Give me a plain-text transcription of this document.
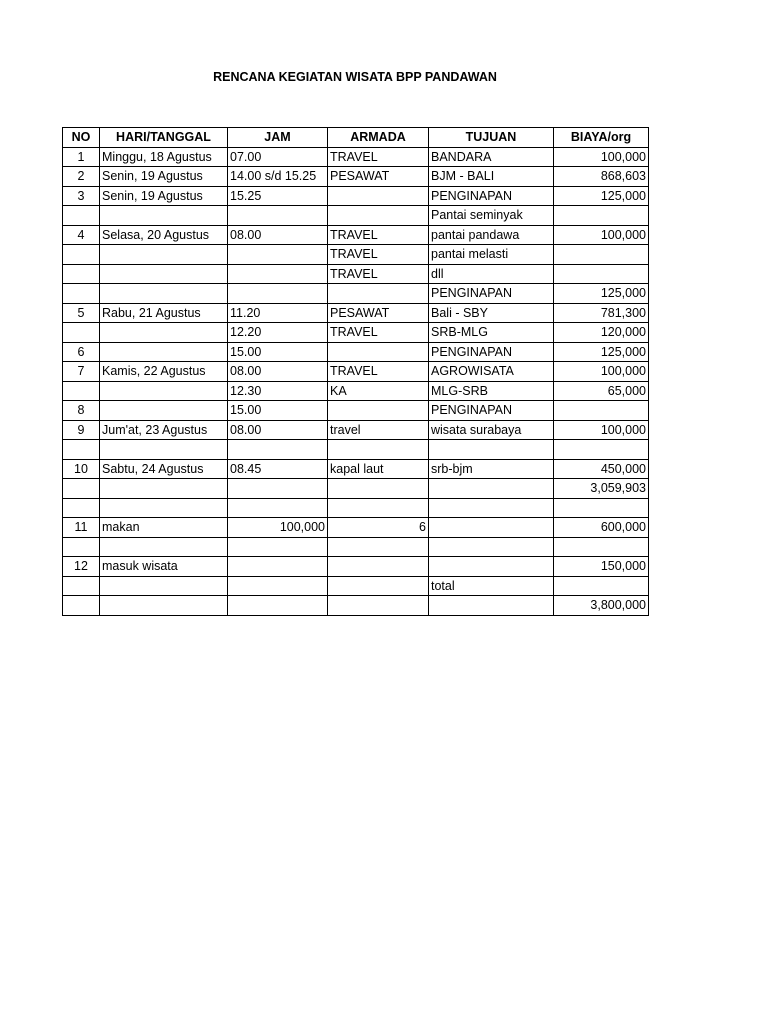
RENCANA KEGIATAN WISATA BPP PANDAWAN
NO	HARI/TANGGAL	JAM	ARMADA	TUJUAN	BIAYA/org
1	Minggu, 18 Agustus	07.00	TRAVEL	BANDARA	100,000
2	Senin, 19 Agustus	14.00 s/d 15.25	PESAWAT	BJM - BALI	868,603
3	Senin, 19 Agustus	15.25		PENGINAPAN	125,000
				Pantai seminyak	
4	Selasa, 20 Agustus	08.00	TRAVEL	pantai pandawa	100,000
			TRAVEL	pantai melasti	
			TRAVEL	dll	
				PENGINAPAN	125,000
5	Rabu, 21 Agustus	11.20	PESAWAT	Bali - SBY	781,300
		12.20	TRAVEL	SRB-MLG	120,000
6		15.00		PENGINAPAN	125,000
7	Kamis, 22 Agustus	08.00	TRAVEL	AGROWISATA	100,000
		12.30	KA	MLG-SRB	65,000
8		15.00		PENGINAPAN	
9	Jum'at, 23 Agustus	08.00	travel	wisata surabaya	100,000

10	Sabtu, 24 Agustus	08.45	kapal laut	srb-bjm	450,000
					3,059,903

11	makan	100,000	6		600,000

12	masuk wisata				150,000
				total	
					3,800,000
